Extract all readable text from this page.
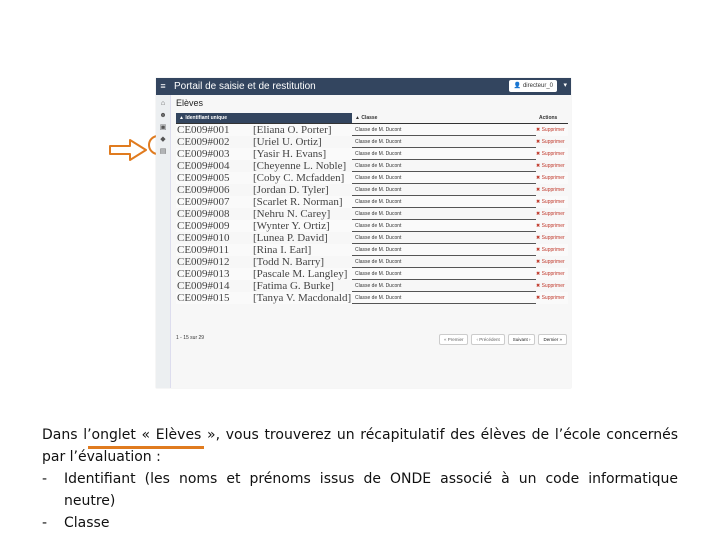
≡ Portail de saisie et de restitution	👤 directeur_0	▾
⌂
☻
▣
◆
▤
Elèves
▲ Identifiant unique	▲ Classe	Actions
CE009#001 [Eliana O. Porter]	Classe de M. Ducont	✖ Supprimer
CE009#002 [Uriel U. Ortiz]	Classe de M. Ducont	✖ Supprimer
CE009#003 [Yasir H. Evans]	Classe de M. Ducont	✖ Supprimer
CE009#004 [Cheyenne L. Noble]	Classe de M. Ducont	✖ Supprimer
CE009#005 [Coby C. Mcfadden]	Classe de M. Ducont	✖ Supprimer
CE009#006 [Jordan D. Tyler]	Classe de M. Ducont	✖ Supprimer
CE009#007 [Scarlet R. Norman]	Classe de M. Ducont	✖ Supprimer
CE009#008 [Nehru N. Carey]	Classe de M. Ducont	✖ Supprimer
CE009#009 [Wynter Y. Ortiz]	Classe de M. Ducont	✖ Supprimer
CE009#010 [Lunea P. David]	Classe de M. Ducont	✖ Supprimer
CE009#011 [Rina I. Earl]	Classe de M. Ducont	✖ Supprimer
CE009#012 [Todd N. Barry]	Classe de M. Ducont	✖ Supprimer
CE009#013 [Pascale M. Langley]	Classe de M. Ducont	✖ Supprimer
CE009#014 [Fatima G. Burke]	Classe de M. Ducont	✖ Supprimer
CE009#015 [Tanya V. Macdonald] Classe de M. Ducont	✖ Supprimer
1 - 15 sur 29	« Premier	‹ Précédent	Suivant ›	Dernier »

Dans l’onglet « Elèves », vous trouverez un récapitulatif des élèves de l’école concernés

par l’évaluation :

-	Identifiant (les noms et prénoms issus de ONDE associé à un code informatique
neutre)
-	Classe
